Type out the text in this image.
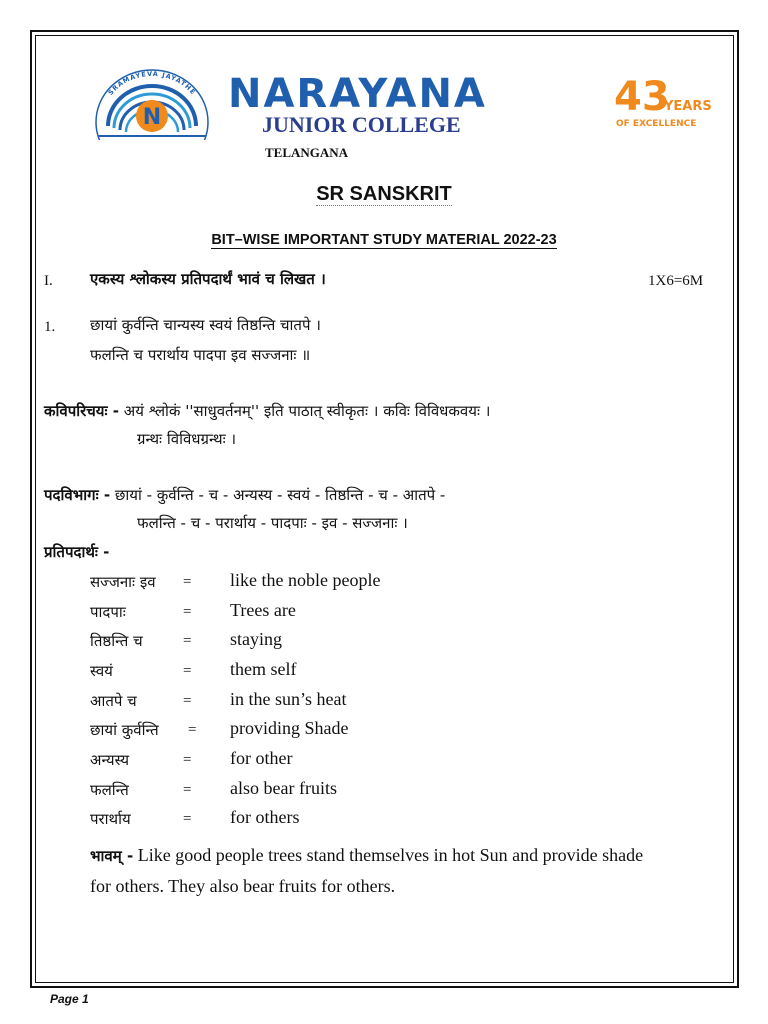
N
SRAMAYEVA JAYATHE NARAYANA
JUNIOR COLLEGE
TELANGANA
43
YEARS
OF EXCELLENCE
SR SANSKRIT
BIT–WISE IMPORTANT STUDY MATERIAL 2022-23
I. एकस्य श्लोकस्य प्रतिपदार्थं भावं च लिखत ।	1X6=6M
1. छायां कुर्वन्ति चान्यस्य स्वयं तिष्ठन्ति चातपे ।
फलन्ति च परार्थाय पादपा इव सज्जनाः ॥
कविपरिचयः - अयं श्लोकं ''साधुवर्तनम्'' इति पाठात् स्वीकृतः । कविः विविधकवयः ।
ग्रन्थः विविधग्रन्थः ।
पदविभागः - छायां - कुर्वन्ति - च - अन्यस्य - स्वयं - तिष्ठन्ति - च - आतपे -
फलन्ति - च - परार्थाय - पादपाः - इव - सज्जनाः ।
प्रतिपदार्थः -
सज्जनाः इव = like the noble people
पादपाः	= Trees are
तिष्ठन्ति च	= staying
स्वयं	= them self
आतपे च	= in the sun’s heat
छायां कुर्वन्ति = providing Shade
अन्यस्य	= for other
फलन्ति	= also bear fruits
परार्थाय	= for others
भावम् - Like good people trees stand themselves in hot Sun and provide shade for others. They also bear fruits for others.
Page 1
